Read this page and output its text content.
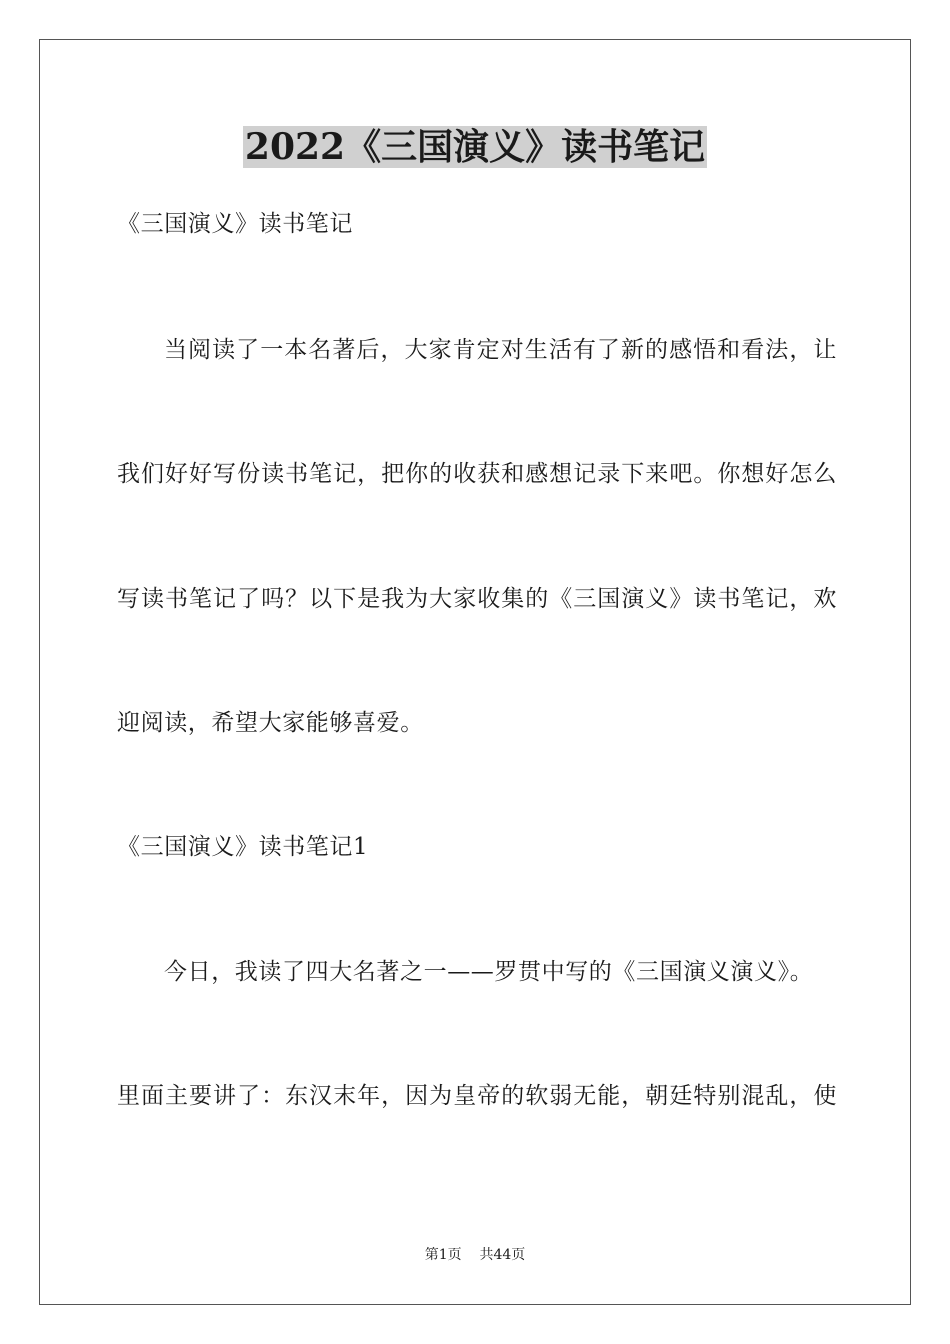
2022《三国演义》读书笔记
《三国演义》读书笔记
当阅读了一本名著后，大家肯定对生活有了新的感悟和看法，让
我们好好写份读书笔记，把你的收获和感想记录下来吧。你想好怎么
写读书笔记了吗？以下是我为大家收集的《三国演义》读书笔记，欢
迎阅读，希望大家能够喜爱。
《三国演义》读书笔记1
今日，我读了四大名著之一——罗贯中写的《三国演义演义》。
里面主要讲了：东汉末年，因为皇帝的软弱无能，朝廷特别混乱，使
第1页 共44页
